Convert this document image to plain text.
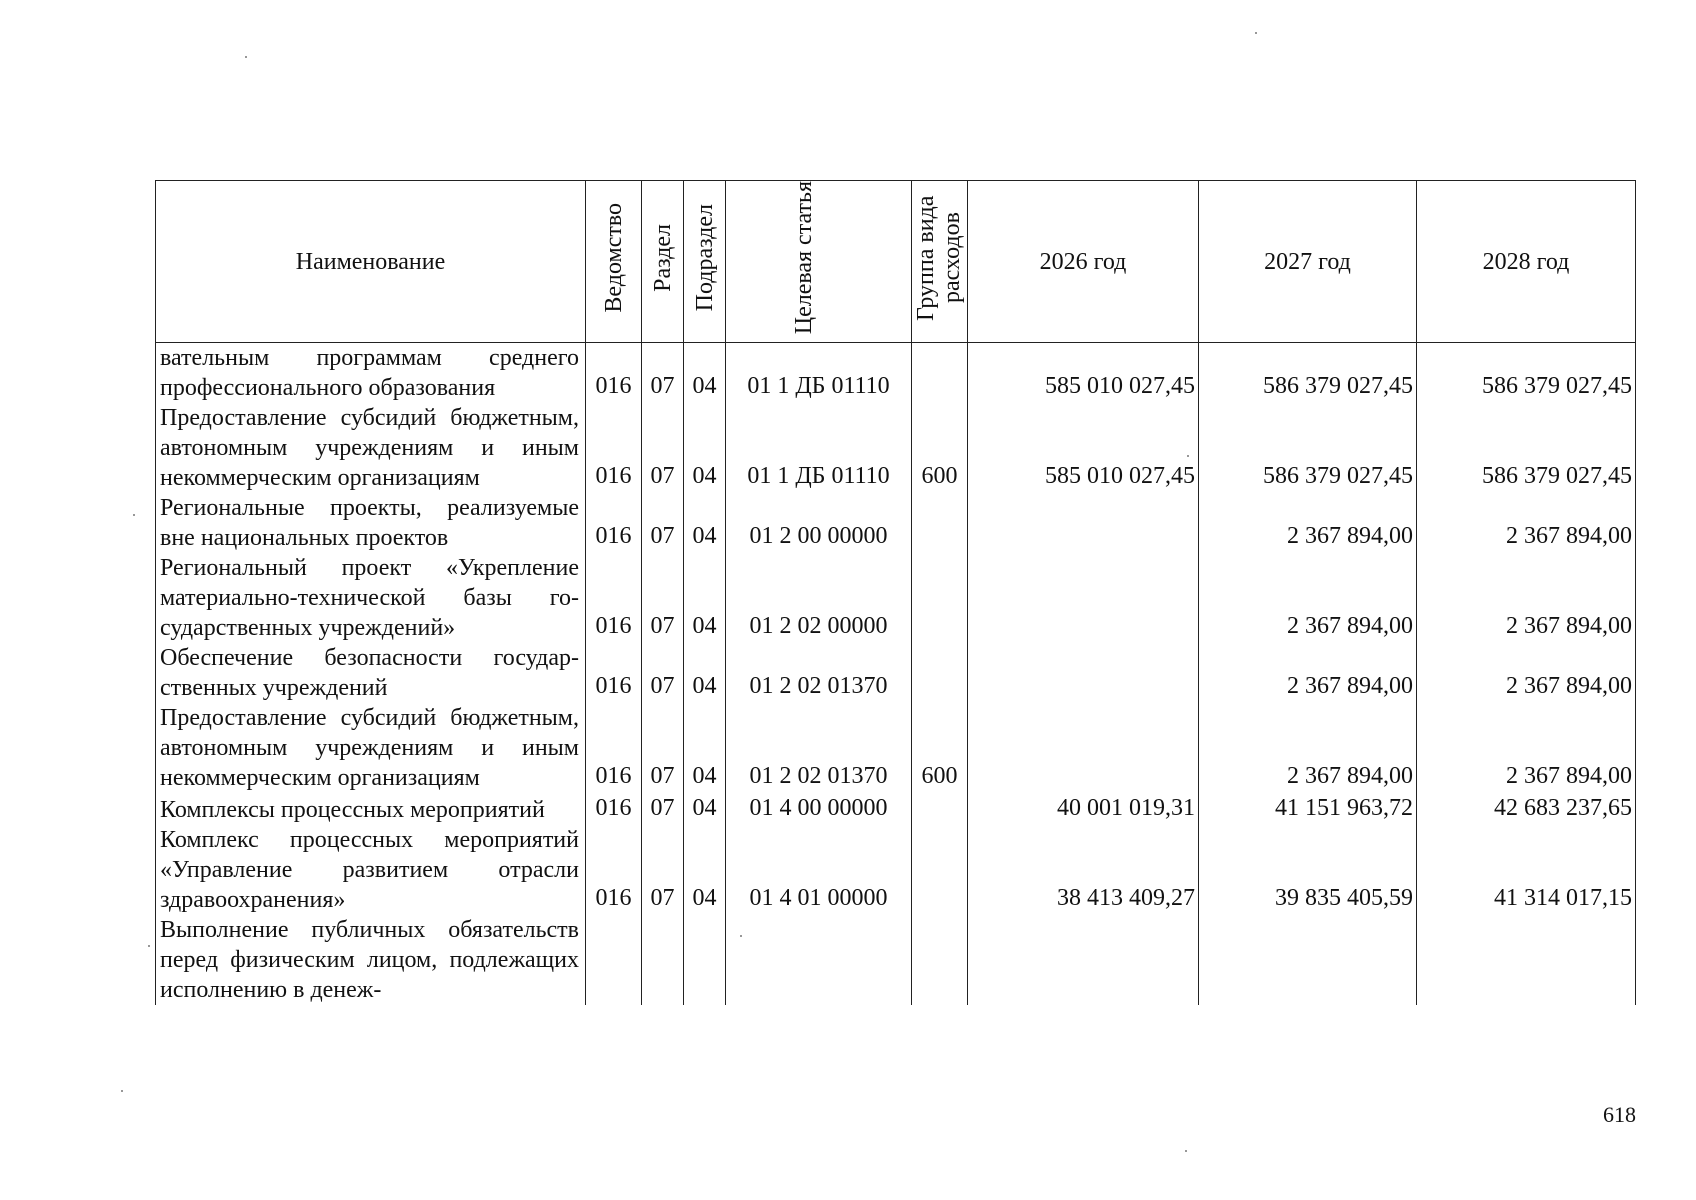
Наименование	Ведомство	Раздел	Подраздел	Целевая статья	Группа вида расходов	2026 год	2027 год	2028 год
вательным программам среднего профессионального образования	016	07	04	01 1 ДБ 01110		585 010 027,45	586 379 027,45	586 379 027,45
Предоставление субсидий бюджетным, автономным учреждениям и иным некоммерческим организациям	016	07	04	01 1 ДБ 01110	600	585 010 027,45	586 379 027,45	586 379 027,45
Региональные проекты, реализуемые вне национальных проектов	016	07	04	01 2 00 00000			2 367 894,00	2 367 894,00
Региональный проект «Укрепление материально-технической базы государственных учреждений»	016	07	04	01 2 02 00000			2 367 894,00	2 367 894,00
Обеспечение безопасности государственных учреждений	016	07	04	01 2 02 01370			2 367 894,00	2 367 894,00
Предоставление субсидий бюджетным, автономным учреждениям и иным некоммерческим организациям	016	07	04	01 2 02 01370	600		2 367 894,00	2 367 894,00
Комплексы процессных мероприятий	016	07	04	01 4 00 00000		40 001 019,31	41 151 963,72	42 683 237,65
Комплекс процессных мероприятий «Управление развитием отрасли здравоохранения»	016	07	04	01 4 01 00000		38 413 409,27	39 835 405,59	41 314 017,15
Выполнение публичных обязательств перед физическим лицом, подлежащих исполнению в денеж-								
618
